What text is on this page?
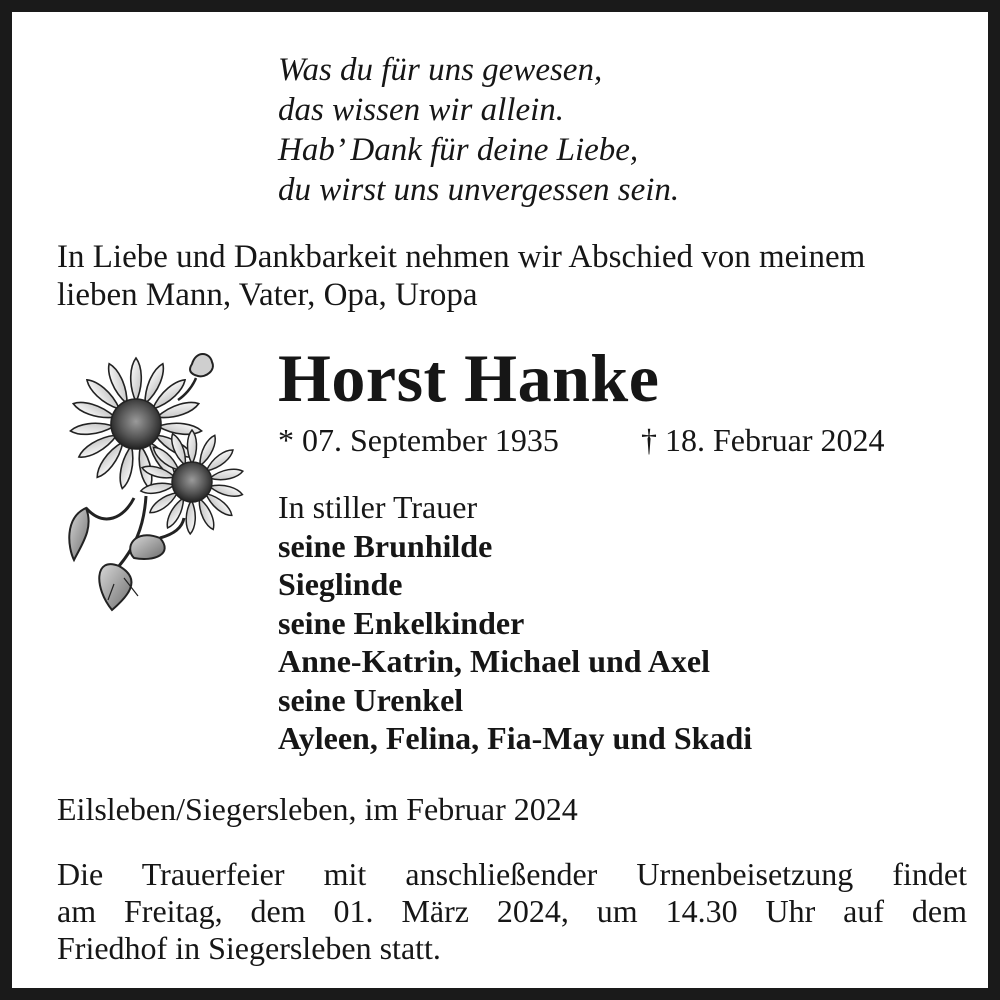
Was du für uns gewesen,
das wissen wir allein.
Hab’ Dank für deine Liebe,
du wirst uns unvergessen sein.
In Liebe und Dankbarkeit nehmen wir Abschied von meinem
lieben Mann, Vater, Opa, Uropa
Horst Hanke
* 07. September 1935	† 18. Februar 2024
In stiller Trauer
seine Brunhilde
Sieglinde
seine Enkelkinder
Anne-Katrin, Michael und Axel
seine Urenkel
Ayleen, Felina, Fia-May und Skadi
Eilsleben/Siegersleben, im Februar 2024
Die Trauerfeier mit anschließender Urnenbeisetzung findet
am Freitag, dem 01. März 2024, um 14.30 Uhr auf dem
Friedhof in Siegersleben statt.
